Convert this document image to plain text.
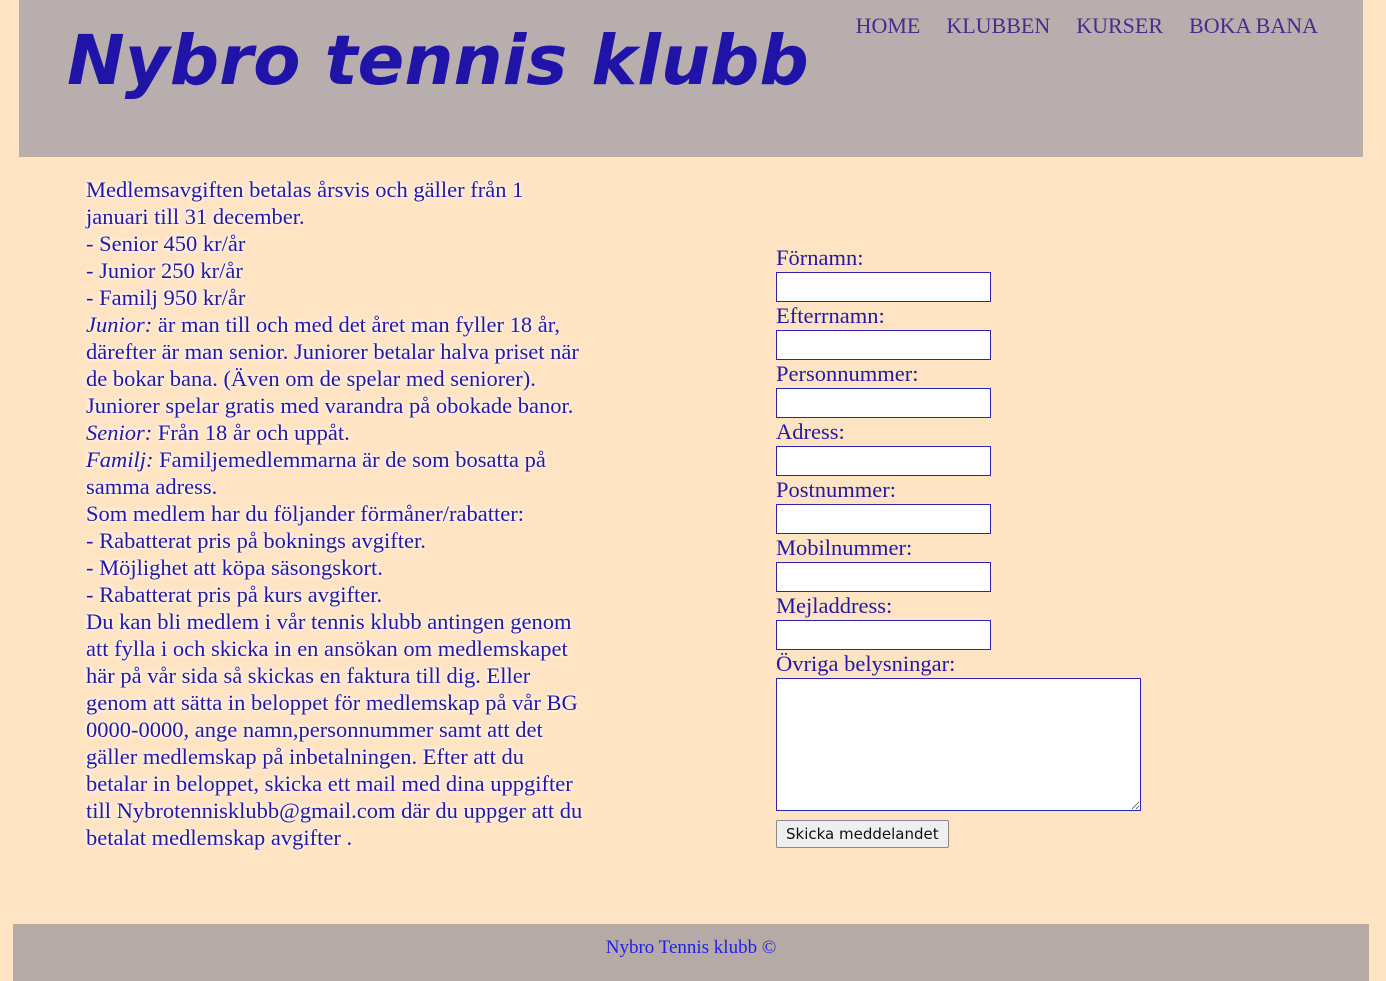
Nybro tennis klubb HOME KLUBBEN KURSER BOKA BANA

Medlemsavgiften betalas årsvis och gäller från 1 januari till 31 december.

- Senior 450 kr/år

- Junior 250 kr/år

- Familj 950 kr/år

Junior: är man till och med det året man fyller 18 år, därefter är man senior. Juniorer betalar halva priset när de bokar bana. (Även om de spelar med seniorer). Juniorer spelar gratis med varandra på obokade banor.

Senior: Från 18 år och uppåt.

Familj: Familjemedlemmarna är de som bosatta på samma adress.

Som medlem har du följander förmåner/rabatter:

- Rabatterat pris på boknings avgifter.

- Möjlighet att köpa säsongskort.

- Rabatterat pris på kurs avgifter.

Du kan bli medlem i vår tennis klubb antingen genom att fylla i och skicka in en ansökan om medlemskapet här på vår sida så skickas en faktura till dig. Eller genom att sätta in beloppet för medlemskap på vår BG 0000-0000, ange namn,personnummer samt att det gäller medlemskap på inbetalningen. Efter att du betalar in beloppet, skicka ett mail med dina uppgifter till Nybrotennisklubb@gmail.com där du uppger att du betalat medlemskap avgifter .

Förnamn:
Efterrnamn:
Personnummer:
Adress:
Postnummer:
Mobilnummer:
Mejladdress:
Övriga belysningar:
Skicka meddelandet
Nybro Tennis klubb ©
